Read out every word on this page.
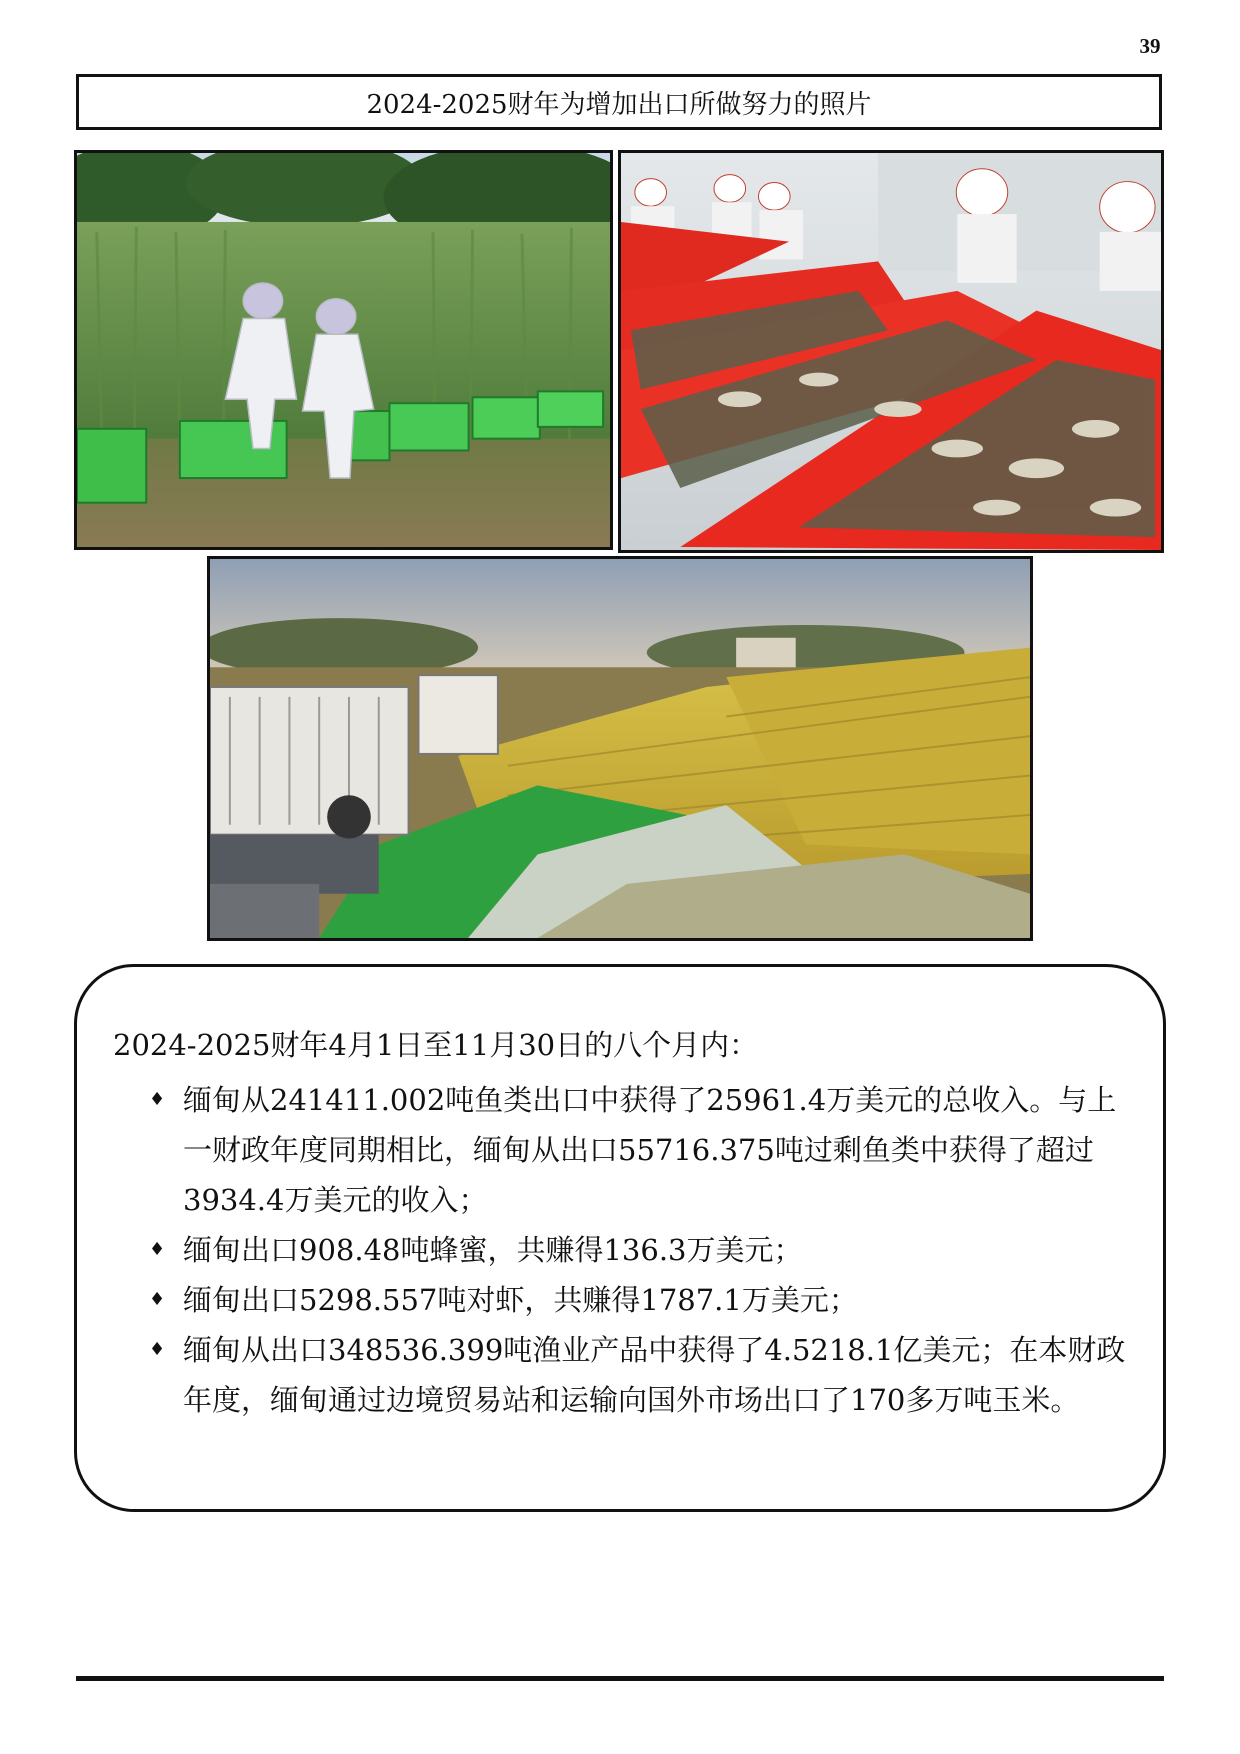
39
2024-2025财年为增加出口所做努力的照片
2024-2025财年4月1日至11月30日的八个月内：
♦ 缅甸从241411.002吨鱼类出口中获得了25961.4万美元的总收入。与上一财政年度同期相比，缅甸从出口55716.375吨过剩鱼类中获得了超过3934.4万美元的收入；
♦ 缅甸出口908.48吨蜂蜜，共赚得136.3万美元；
♦ 缅甸出口5298.557吨对虾，共赚得1787.1万美元；
♦ 缅甸从出口348536.399吨渔业产品中获得了4.5218.1亿美元；在本财政年度，缅甸通过边境贸易站和运输向国外市场出口了170多万吨玉米。
